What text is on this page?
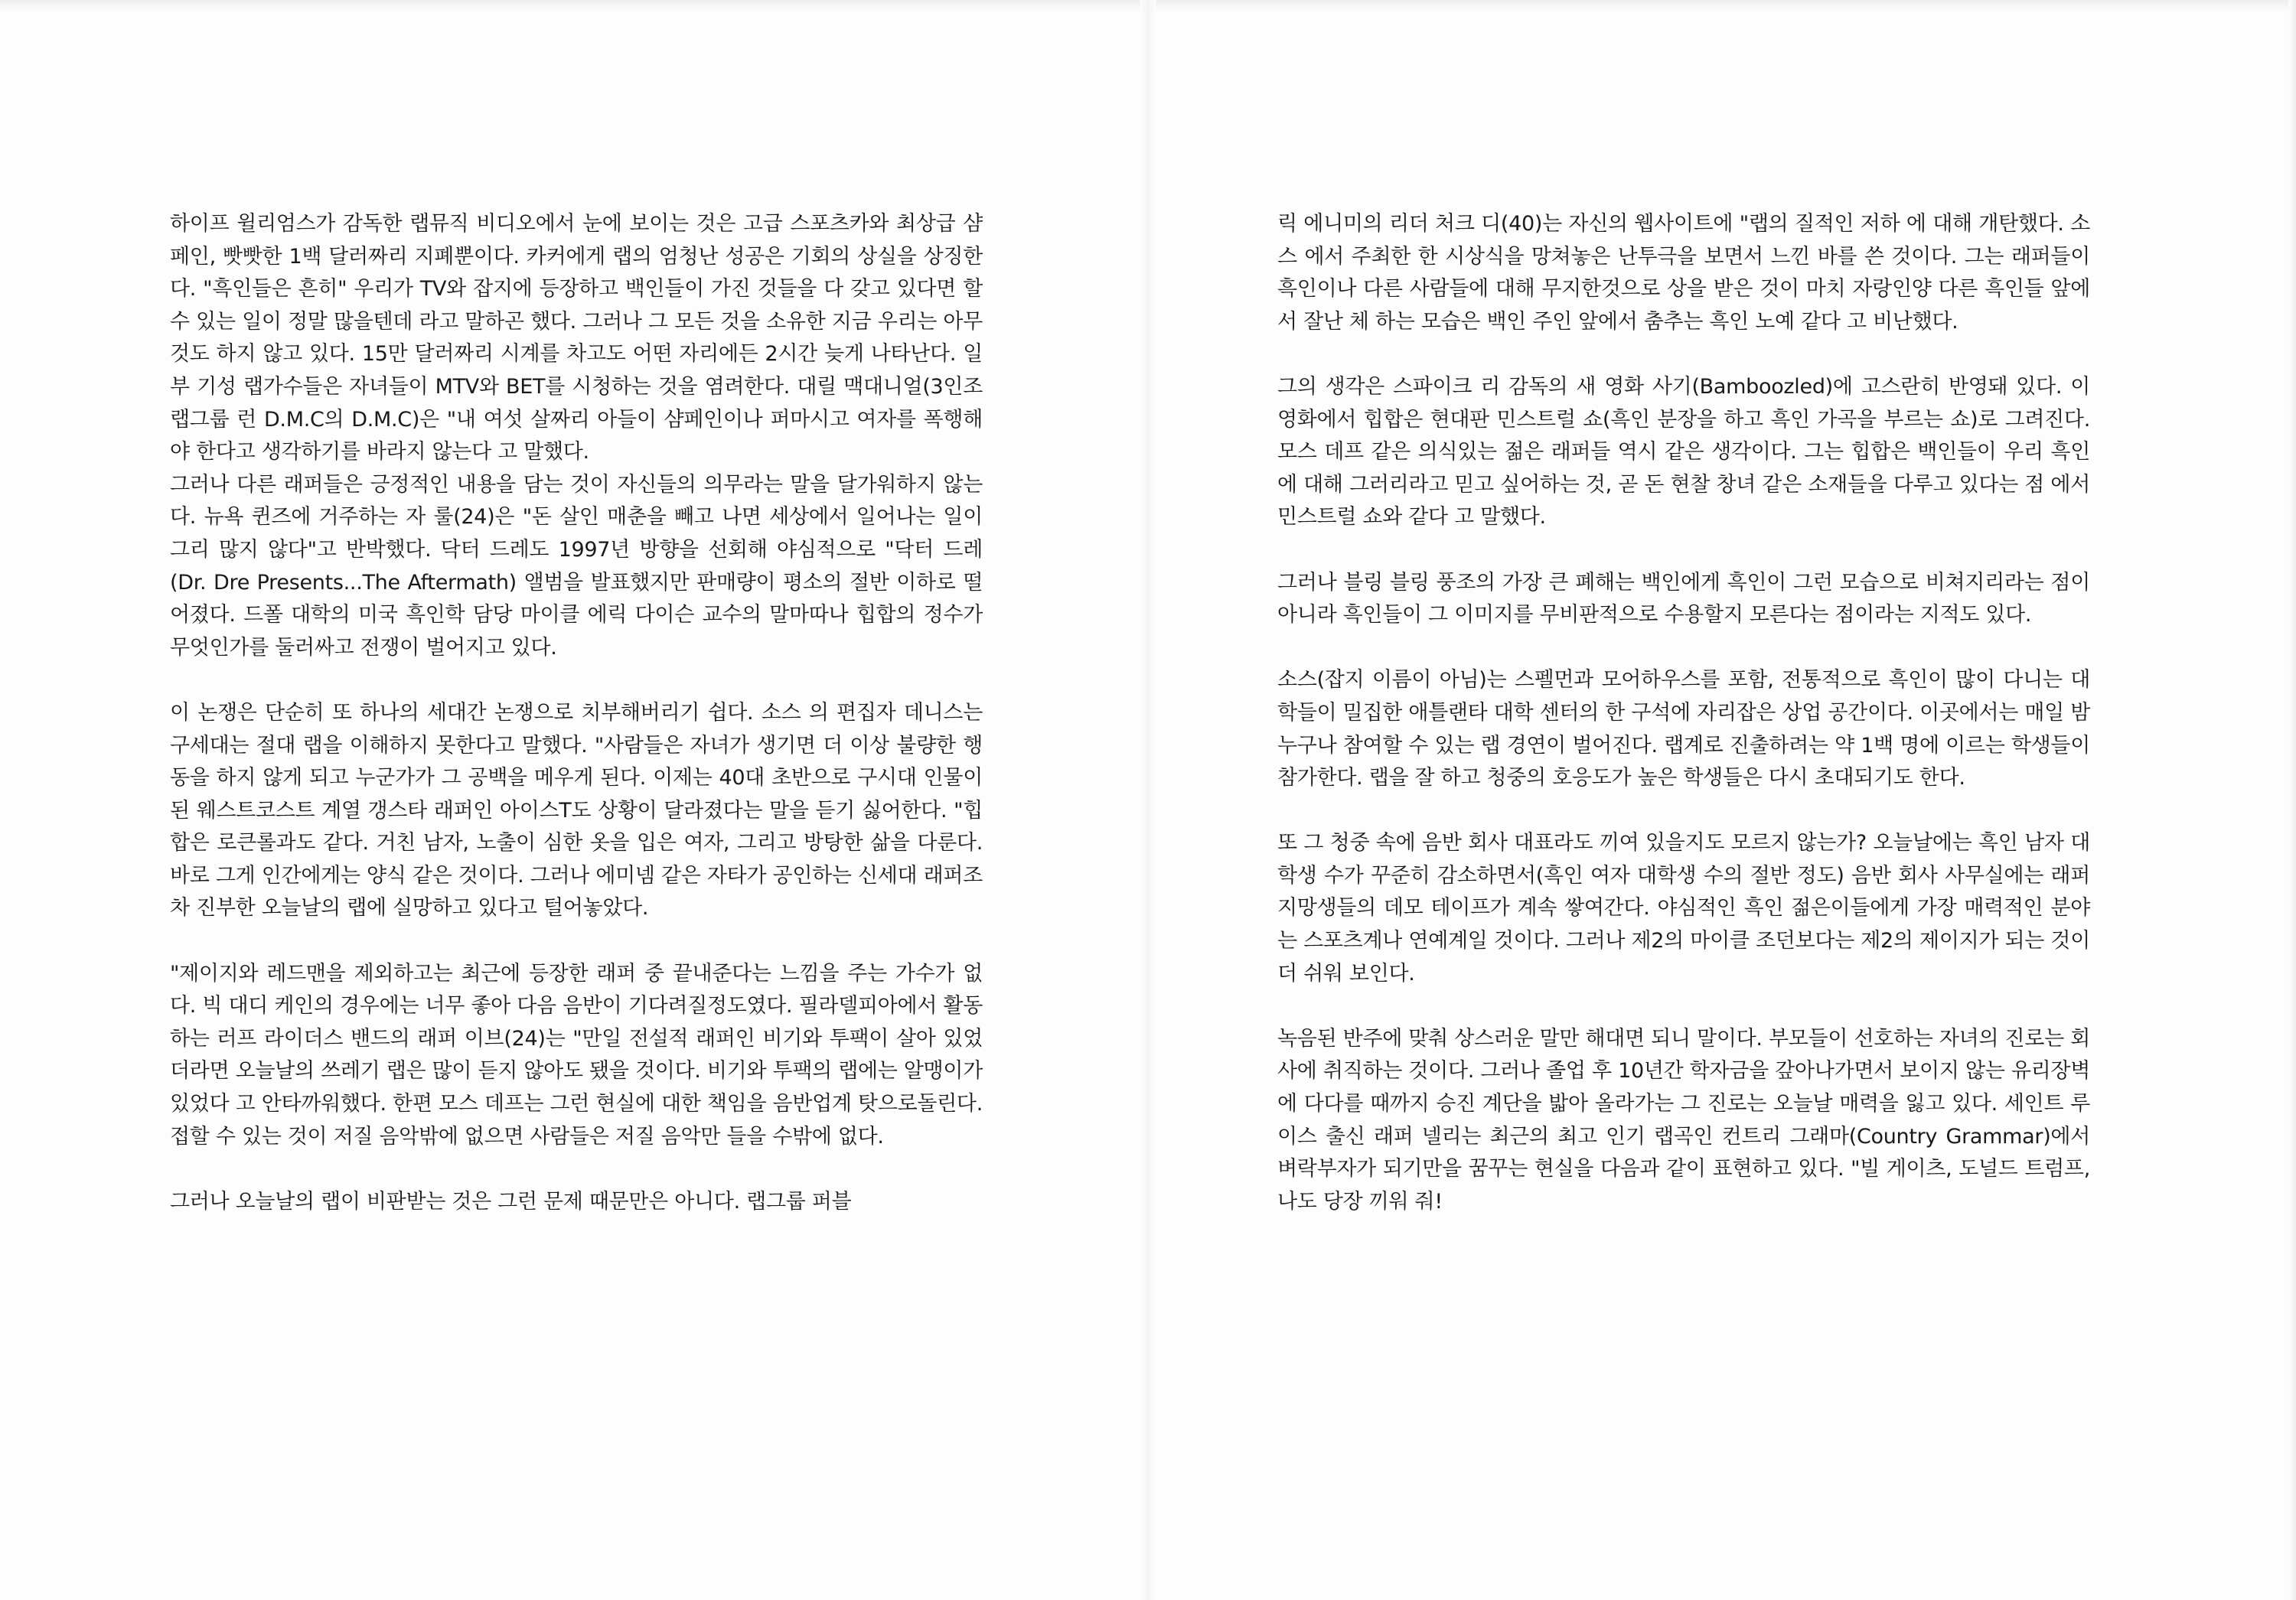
하이프 윌리엄스가 감독한 랩뮤직 비디오에서 눈에 보이는 것은 고급 스포츠카와 최상급 샴페인, 빳빳한 1백 달러짜리 지폐뿐이다. 카커에게 랩의 엄청난 성공은 기회의 상실을 상징한다. "흑인들은 흔히" 우리가 TV와 잡지에 등장하고 백인들이 가진 것들을 다 갖고 있다면 할 수 있는 일이 정말 많을텐데 라고 말하곤 했다. 그러나 그 모든 것을 소유한 지금 우리는 아무 것도 하지 않고 있다. 15만 달러짜리 시계를 차고도 어떤 자리에든 2시간 늦게 나타난다. 일부 기성 랩가수들은 자녀들이 MTV와 BET를 시청하는 것을 염려한다. 대릴 맥대니얼(3인조 랩그룹 런 D.M.C의 D.M.C)은 "내 여섯 살짜리 아들이 샴페인이나 퍼마시고 여자를 폭행해야 한다고 생각하기를 바라지 않는다 고 말했다.

그러나 다른 래퍼들은 긍정적인 내용을 담는 것이 자신들의 의무라는 말을 달가워하지 않는다. 뉴욕 퀸즈에 거주하는 자 룰(24)은 "돈 살인 매춘을 빼고 나면 세상에서 일어나는 일이 그리 많지 않다"고 반박했다. 닥터 드레도 1997년 방향을 선회해 야심적으로 "닥터 드레 (Dr. Dre Presents...The Aftermath) 앨범을 발표했지만 판매량이 평소의 절반 이하로 떨어졌다. 드폴 대학의 미국 흑인학 담당 마이클 에릭 다이슨 교수의 말마따나 힙합의 정수가 무엇인가를 둘러싸고 전쟁이 벌어지고 있다.

이 논쟁은 단순히 또 하나의 세대간 논쟁으로 치부해버리기 쉽다. 소스 의 편집자 데니스는 구세대는 절대 랩을 이해하지 못한다고 말했다. "사람들은 자녀가 생기면 더 이상 불량한 행동을 하지 않게 되고 누군가가 그 공백을 메우게 된다. 이제는 40대 초반으로 구시대 인물이 된 웨스트코스트 계열 갱스타 래퍼인 아이스T도 상황이 달라졌다는 말을 듣기 싫어한다. "힙합은 로큰롤과도 같다. 거친 남자, 노출이 심한 옷을 입은 여자, 그리고 방탕한 삶을 다룬다. 바로 그게 인간에게는 양식 같은 것이다. 그러나 에미넴 같은 자타가 공인하는 신세대 래퍼조차 진부한 오늘날의 랩에 실망하고 있다고 털어놓았다.

"제이지와 레드맨을 제외하고는 최근에 등장한 래퍼 중 끝내준다는 느낌을 주는 가수가 없다. 빅 대디 케인의 경우에는 너무 좋아 다음 음반이 기다려질정도였다. 필라델피아에서 활동하는 러프 라이더스 밴드의 래퍼 이브(24)는 "만일 전설적 래퍼인 비기와 투팩이 살아 있었더라면 오늘날의 쓰레기 랩은 많이 듣지 않아도 됐을 것이다. 비기와 투팩의 랩에는 알맹이가 있었다 고 안타까워했다. 한편 모스 데프는 그런 현실에 대한 책임을 음반업계 탓으로돌린다. 접할 수 있는 것이 저질 음악밖에 없으면 사람들은 저질 음악만 들을 수밖에 없다.

그러나 오늘날의 랩이 비판받는 것은 그런 문제 때문만은 아니다. 랩그룹 퍼블

릭 에니미의 리더 처크 디(40)는 자신의 웹사이트에 "랩의 질적인 저하 에 대해 개탄했다. 소스 에서 주최한 한 시상식을 망쳐놓은 난투극을 보면서 느낀 바를 쓴 것이다. 그는 래퍼들이 흑인이나 다른 사람들에 대해 무지한것으로 상을 받은 것이 마치 자랑인양 다른 흑인들 앞에서 잘난 체 하는 모습은 백인 주인 앞에서 춤추는 흑인 노예 같다 고 비난했다.

그의 생각은 스파이크 리 감독의 새 영화 사기(Bamboozled)에 고스란히 반영돼 있다. 이 영화에서 힙합은 현대판 민스트럴 쇼(흑인 분장을 하고 흑인 가곡을 부르는 쇼)로 그려진다. 모스 데프 같은 의식있는 젊은 래퍼들 역시 같은 생각이다. 그는 힙합은 백인들이 우리 흑인에 대해 그러리라고 믿고 싶어하는 것, 곧 돈 현찰 창녀 같은 소재들을 다루고 있다는 점 에서 민스트럴 쇼와 같다 고 말했다.

그러나 블링 블링 풍조의 가장 큰 폐해는 백인에게 흑인이 그런 모습으로 비쳐지리라는 점이 아니라 흑인들이 그 이미지를 무비판적으로 수용할지 모른다는 점이라는 지적도 있다.

소스(잡지 이름이 아님)는 스펠먼과 모어하우스를 포함, 전통적으로 흑인이 많이 다니는 대학들이 밀집한 애틀랜타 대학 센터의 한 구석에 자리잡은 상업 공간이다. 이곳에서는 매일 밤 누구나 참여할 수 있는 랩 경연이 벌어진다. 랩계로 진출하려는 약 1백 명에 이르는 학생들이 참가한다. 랩을 잘 하고 청중의 호응도가 높은 학생들은 다시 초대되기도 한다.

또 그 청중 속에 음반 회사 대표라도 끼여 있을지도 모르지 않는가? 오늘날에는 흑인 남자 대학생 수가 꾸준히 감소하면서(흑인 여자 대학생 수의 절반 정도) 음반 회사 사무실에는 래퍼 지망생들의 데모 테이프가 계속 쌓여간다. 야심적인 흑인 젊은이들에게 가장 매력적인 분야는 스포츠계나 연예계일 것이다. 그러나 제2의 마이클 조던보다는 제2의 제이지가 되는 것이 더 쉬워 보인다.

녹음된 반주에 맞춰 상스러운 말만 해대면 되니 말이다. 부모들이 선호하는 자녀의 진로는 회사에 취직하는 것이다. 그러나 졸업 후 10년간 학자금을 갚아나가면서 보이지 않는 유리장벽에 다다를 때까지 승진 계단을 밟아 올라가는 그 진로는 오늘날 매력을 잃고 있다. 세인트 루이스 출신 래퍼 넬리는 최근의 최고 인기 랩곡인 컨트리 그래마(Country Grammar)에서 벼락부자가 되기만을 꿈꾸는 현실을 다음과 같이 표현하고 있다. "빌 게이츠, 도널드 트럼프, 나도 당장 끼워 줘!
